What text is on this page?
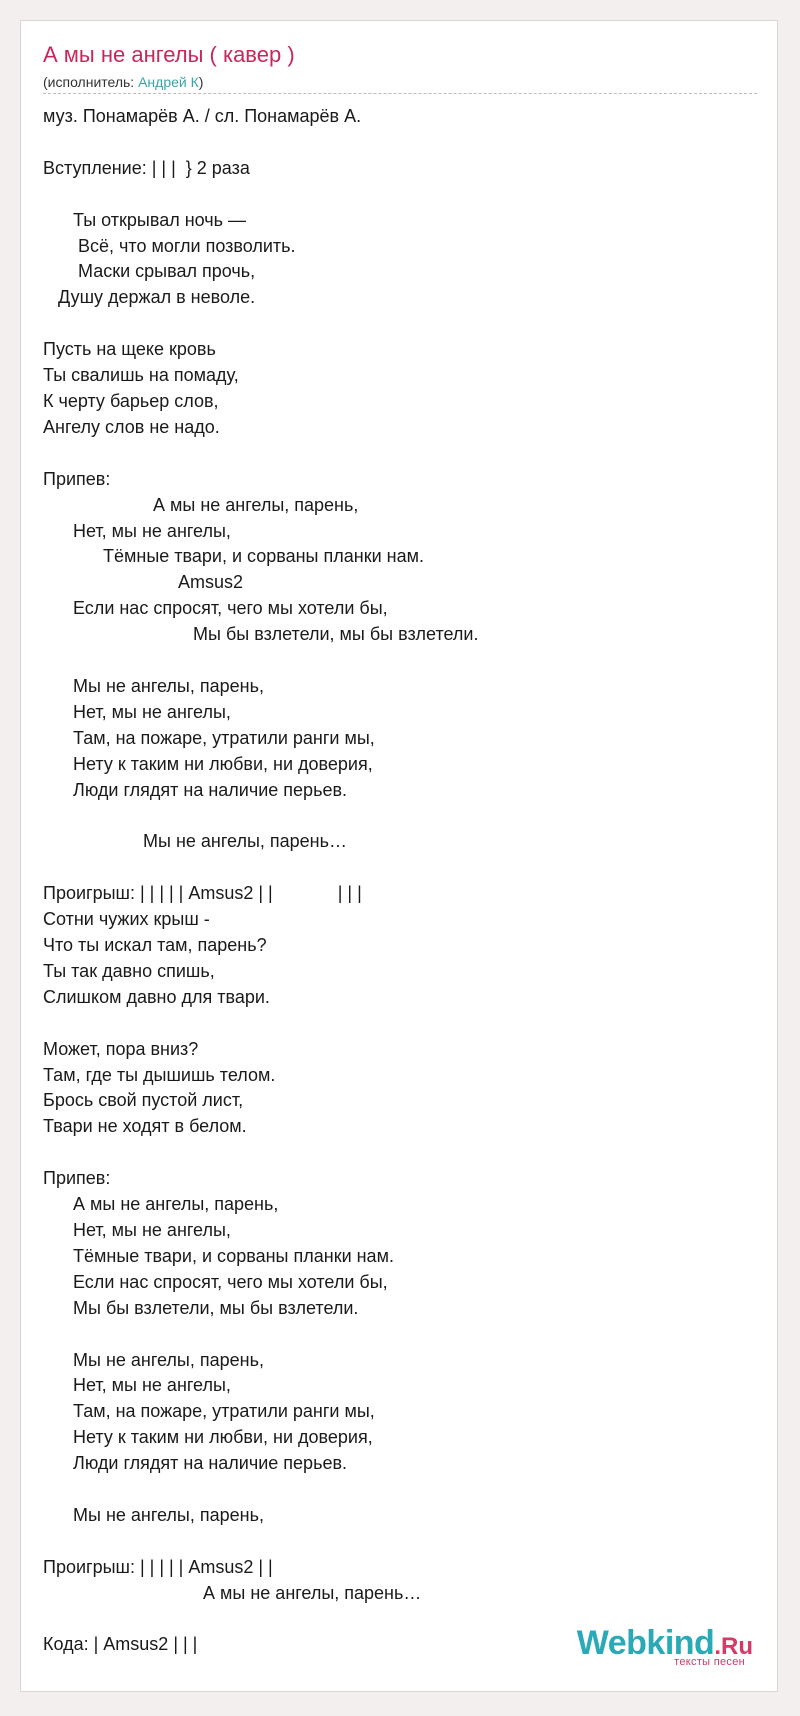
А мы не ангелы ( кавер )
(исполнитель: Андрей К)
муз. Понамарёв А. / сл. Понамарёв А.

Вступление: | | |  } 2 раза

Ты открывал ночь —
Всё, что могли позволить.
Маски срывал прочь,
Душу держал в неволе.

Пусть на щеке кровь
Ты свалишь на помаду,
К черту барьер слов,
Ангелу слов не надо.

Припев:
А мы не ангелы, парень,
Нет, мы не ангелы,
Тёмные твари, и сорваны планки нам.
Amsus2
Если нас спросят, чего мы хотели бы,
Мы бы взлетели, мы бы взлетели.

Мы не ангелы, парень,
Нет, мы не ангелы,
Там, на пожаре, утратили ранги мы,
Нету к таким ни любви, ни доверия,
Люди глядят на наличие перьев.

Мы не ангелы, парень…

Проигрыш: | | | | | Amsus2 | |             | | |
Сотни чужих крыш -
Что ты искал там, парень?
Ты так давно спишь,
Слишком давно для твари.

Может, пора вниз?
Там, где ты дышишь телом.
Брось свой пустой лист,
Твари не ходят в белом.

Припев:
А мы не ангелы, парень,
Нет, мы не ангелы,
Тёмные твари, и сорваны планки нам.
Если нас спросят, чего мы хотели бы,
Мы бы взлетели, мы бы взлетели.

Мы не ангелы, парень,
Нет, мы не ангелы,
Там, на пожаре, утратили ранги мы,
Нету к таким ни любви, ни доверия,
Люди глядят на наличие перьев.

Мы не ангелы, парень,

Проигрыш: | | | | | Amsus2 | |
А мы не ангелы, парень…

Кода: | Amsus2 | | |	Webkind.Ru
тексты песен
